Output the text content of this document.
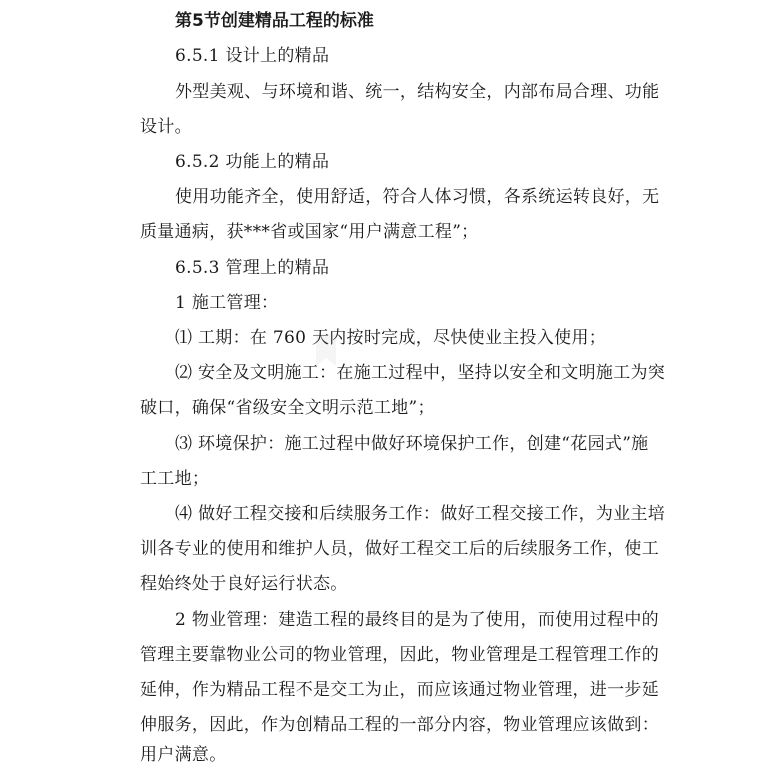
第5节创建精品工程的标准
6.5.1 设计上的精品
外型美观、与环境和谐、统一，结构安全，内部布局合理、功能
设计。
6.5.2 功能上的精品
使用功能齐全，使用舒适，符合人体习惯，各系统运转良好，无
质量通病，获***省或国家“用户满意工程”；
6.5.3 管理上的精品
1 施工管理：
⑴ 工期：在 760 天内按时完成，尽快使业主投入使用；
⑵ 安全及文明施工：在施工过程中，坚持以安全和文明施工为突
破口，确保“省级安全文明示范工地”；
⑶ 环境保护：施工过程中做好环境保护工作，创建“花园式”施
工工地；
⑷ 做好工程交接和后续服务工作：做好工程交接工作，为业主培
训各专业的使用和维护人员，做好工程交工后的后续服务工作，使工
程始终处于良好运行状态。
2 物业管理：建造工程的最终目的是为了使用，而使用过程中的
管理主要靠物业公司的物业管理，因此，物业管理是工程管理工作的
延伸，作为精品工程不是交工为止，而应该通过物业管理，进一步延
伸服务，因此，作为创精品工程的一部分内容，物业管理应该做到：
用户满意。
